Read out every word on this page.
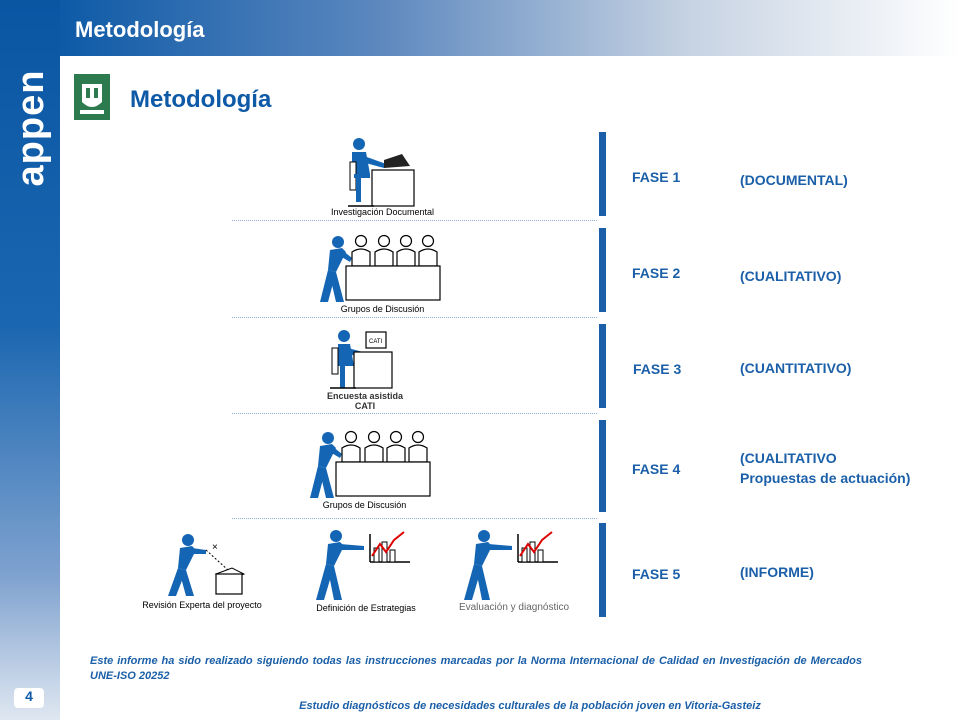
Metodología
appen
4
Metodología
FASE 1
FASE 2
FASE 3
FASE 4
FASE 5
(DOCUMENTAL)
(CUALITATIVO)
(CUANTITATIVO)
(CUALITATIVO
Propuestas de actuación)
(INFORME)
Investigación Documental
Grupos de Discusión
CATI
Encuesta asistida
CATI
Grupos de Discusión
×
Revisión Experta del proyecto	Definición de Estrategias	Evaluación y diagnóstico
Este informe ha sido realizado siguiendo todas las instrucciones marcadas por la Norma Internacional de Calidad en Investigación de Mercados UNE-ISO 20252
Estudio diagnósticos de necesidades culturales de la población joven en Vitoria-Gasteiz
